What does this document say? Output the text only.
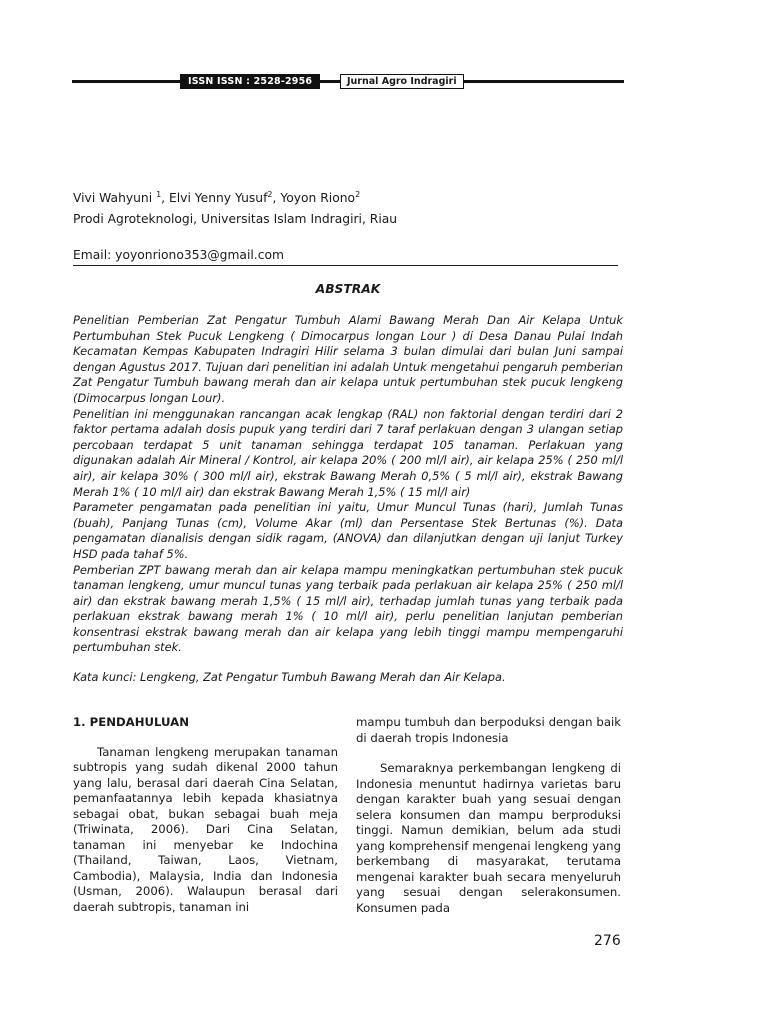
ISSN ISSN : 2528-2956	Jurnal Agro Indragiri

Vivi Wahyuni $^1$, Elvi Yenny Yusuf$^2$, Yoyon Riono$^2$

Prodi Agroteknologi, Universitas Islam Indragiri, Riau

Email: yoyonriono353@gmail.com

ABSTRAK

Penelitian Pemberian Zat Pengatur Tumbuh Alami Bawang Merah Dan Air Kelapa Untuk Pertumbuhan Stek Pucuk Lengkeng ( Dimocarpus longan Lour ) di Desa Danau Pulai Indah Kecamatan Kempas Kabupaten Indragiri Hilir selama 3 bulan dimulai dari bulan Juni sampai dengan Agustus 2017. Tujuan dari penelitian ini adalah Untuk mengetahui pengaruh pemberian Zat Pengatur Tumbuh bawang merah dan air kelapa untuk pertumbuhan stek pucuk lengkeng (Dimocarpus longan Lour).

Penelitian ini menggunakan rancangan acak lengkap (RAL) non faktorial dengan terdiri dari 2 faktor pertama adalah dosis pupuk yang terdiri dari 7 taraf perlakuan dengan 3 ulangan setiap percobaan terdapat 5 unit tanaman sehingga terdapat 105 tanaman. Perlakuan yang digunakan adalah Air Mineral / Kontrol, air kelapa 20% ( 200 ml/l air), air kelapa 25% ( 250 ml/l air), air kelapa 30% ( 300 ml/l air), ekstrak Bawang Merah 0,5% ( 5 ml/l air), ekstrak Bawang Merah 1% ( 10 ml/l air) dan ekstrak Bawang Merah 1,5% ( 15 ml/l air)

Parameter pengamatan pada penelitian ini yaitu, Umur Muncul Tunas (hari), Jumlah Tunas (buah), Panjang Tunas (cm), Volume Akar (ml) dan Persentase Stek Bertunas (%). Data pengamatan dianalisis dengan sidik ragam, (ANOVA) dan dilanjutkan dengan uji lanjut Turkey HSD pada tahaf 5%.

Pemberian ZPT bawang merah dan air kelapa mampu meningkatkan pertumbuhan stek pucuk tanaman lengkeng, umur muncul tunas yang terbaik pada perlakuan air kelapa 25% ( 250 ml/l air) dan ekstrak bawang merah 1,5% ( 15 ml/l air), terhadap jumlah tunas yang terbaik pada perlakuan ekstrak bawang merah 1% ( 10 ml/l air), perlu penelitian lanjutan pemberian konsentrasi ekstrak bawang merah dan air kelapa yang lebih tinggi mampu mempengaruhi pertumbuhan stek.

Kata kunci: Lengkeng, Zat Pengatur Tumbuh Bawang Merah dan Air Kelapa.

1. PENDAHULUAN

Tanaman lengkeng merupakan tanaman subtropis yang sudah dikenal 2000 tahun yang lalu, berasal dari daerah Cina Selatan, pemanfaatannya lebih kepada khasiatnya sebagai obat, bukan sebagai buah meja (Triwinata, 2006). Dari Cina Selatan, tanaman ini menyebar ke Indochina (Thailand, Taiwan, Laos, Vietnam, Cambodia), Malaysia, India dan Indonesia (Usman, 2006). Walaupun berasal dari daerah subtropis, tanaman ini

mampu tumbuh dan berpoduksi dengan baik di daerah tropis Indonesia

Semaraknya perkembangan lengkeng di Indonesia menuntut hadirnya varietas baru dengan karakter buah yang sesuai dengan selera konsumen dan mampu berproduksi tinggi. Namun demikian, belum ada studi yang komprehensif mengenai lengkeng yang berkembang di masyarakat, terutama mengenai karakter buah secara menyeluruh yang sesuai dengan selerakonsumen. Konsumen pada

276
